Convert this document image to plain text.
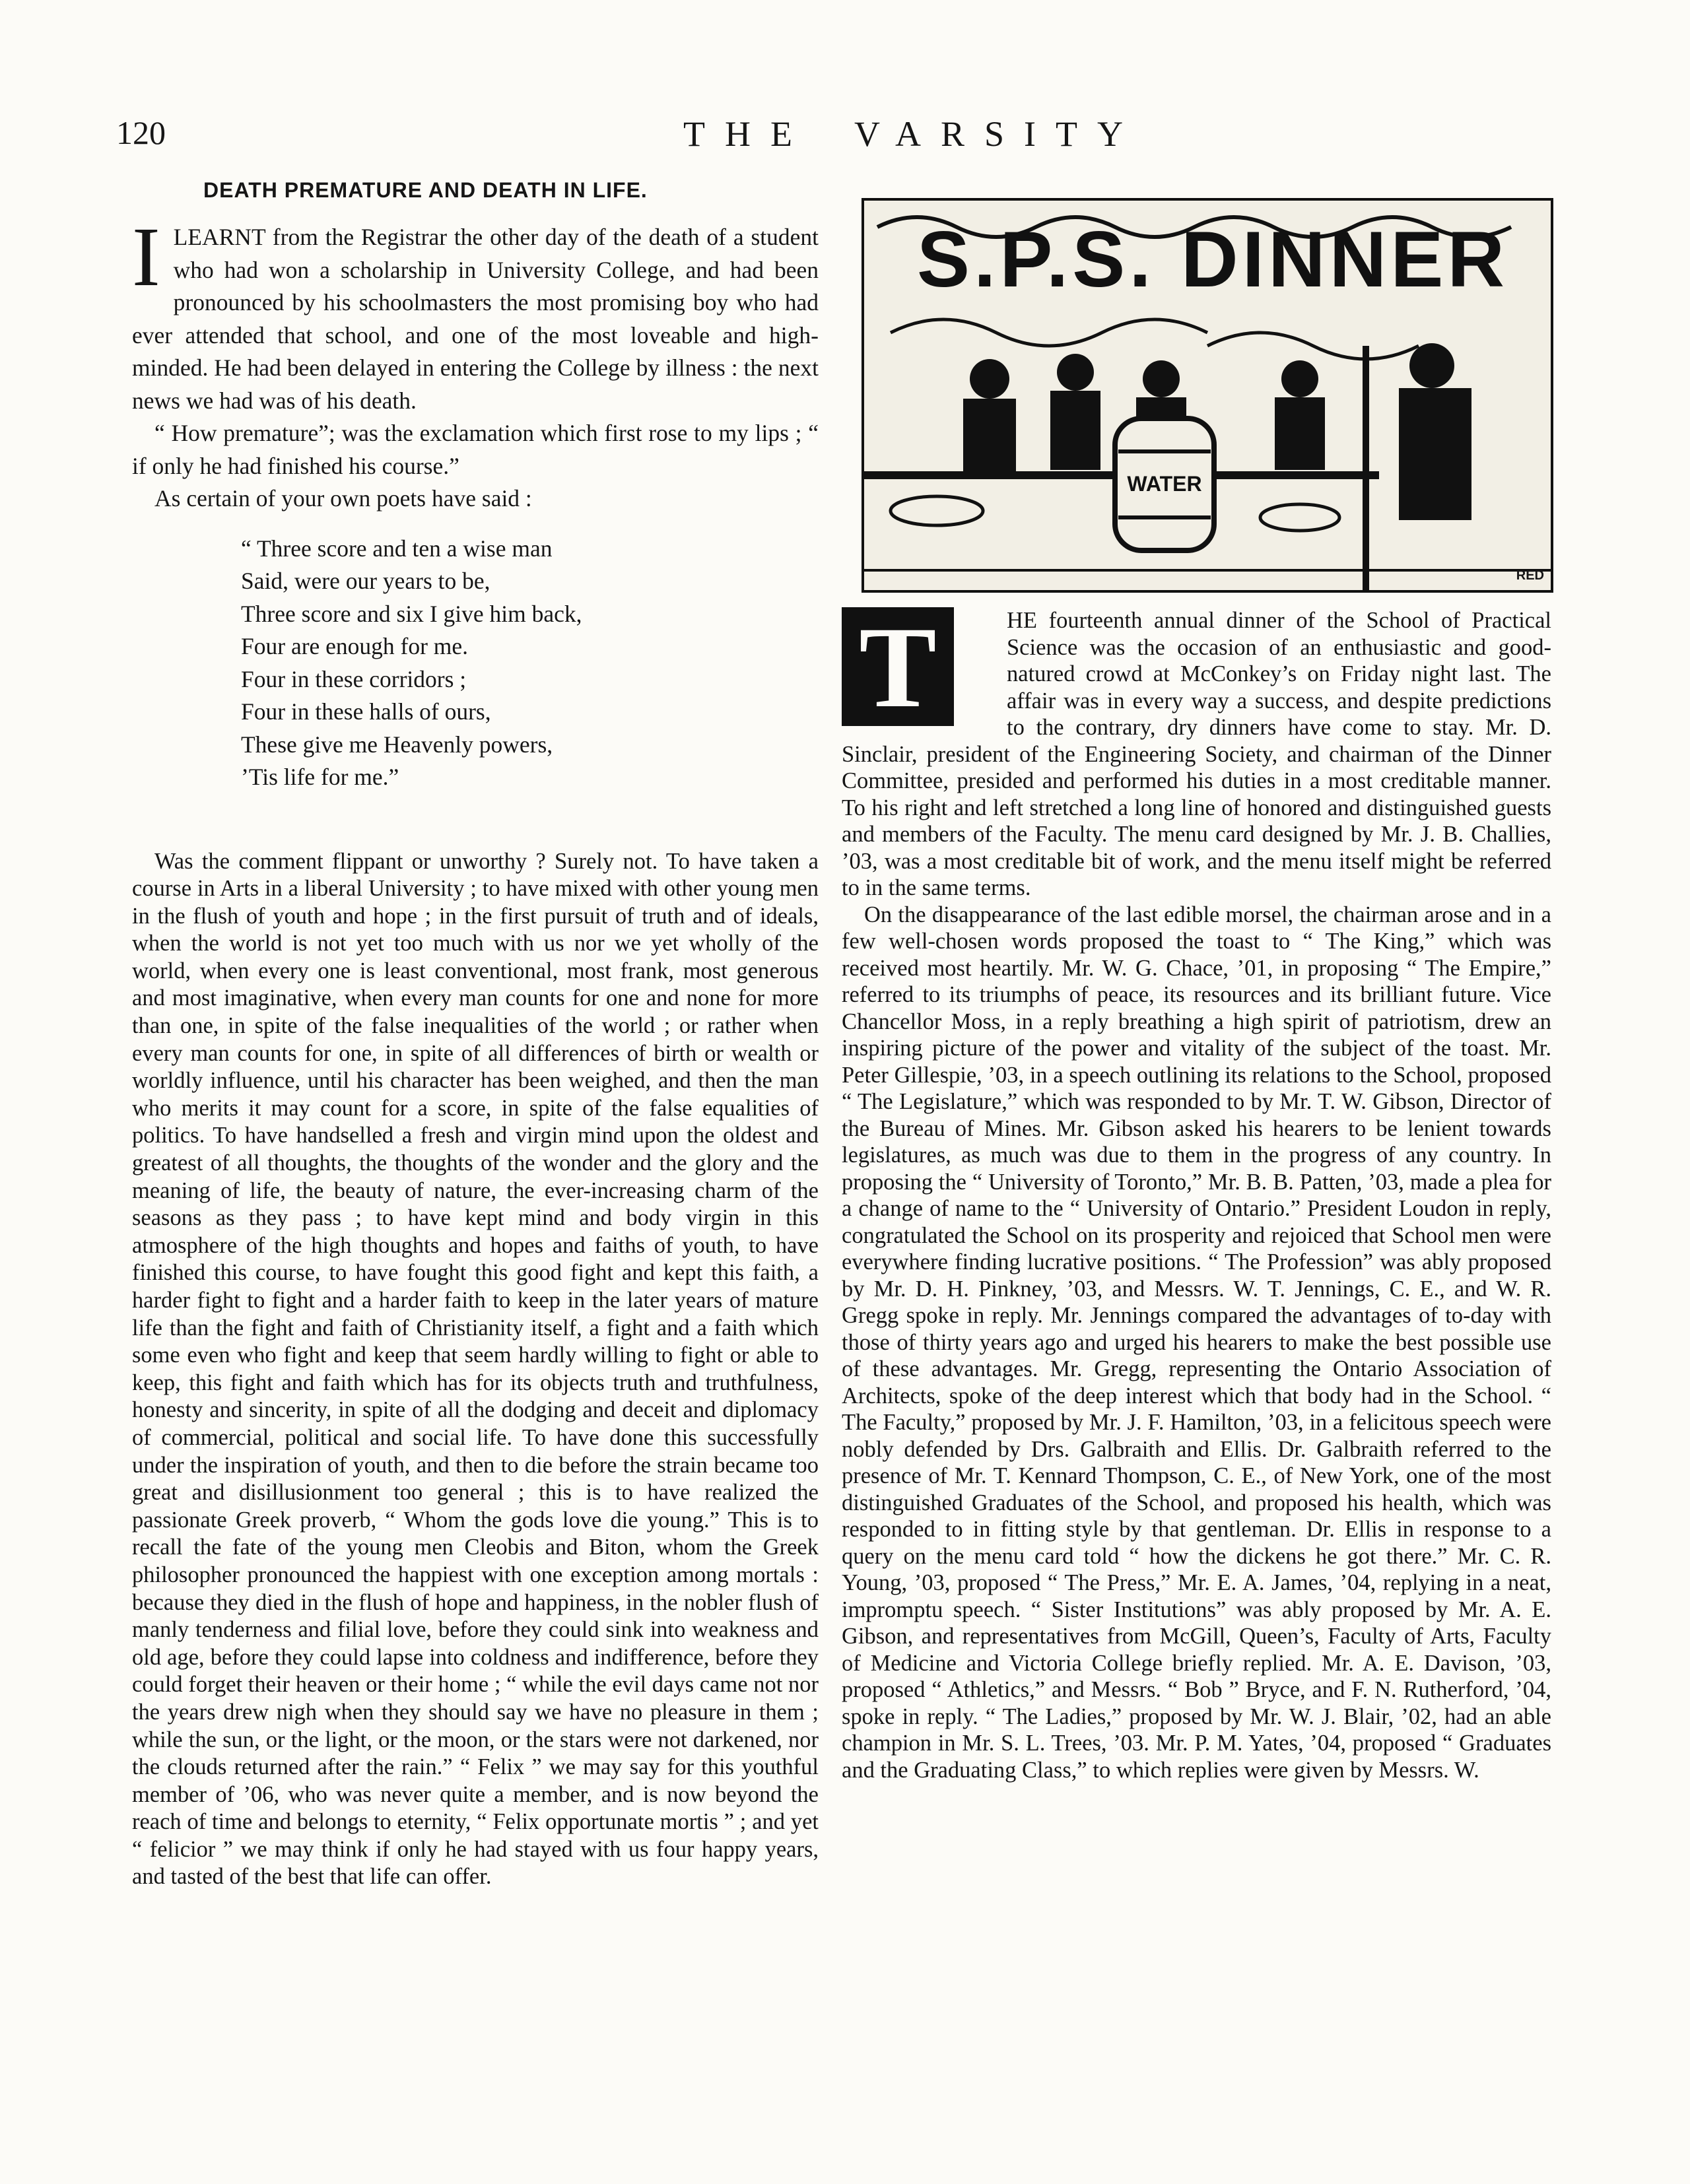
120	THE VARSITY
DEATH PREMATURE AND DEATH IN LIFE.

ILEARNT from the Registrar the other day of the death of a student who had won a scholarship in University College, and had been pronounced by his schoolmasters the most promising boy who had ever attended that school, and one of the most loveable and high-minded. He had been delayed in entering the College by illness : the next news we had was of his death.

“ How premature”; was the exclamation which first rose to my lips ; “ if only he had finished his course.”

As certain of your own poets have said :

“ Three score and ten a wise man
Said, were our years to be,
Three score and six I give him back,
Four are enough for me.
Four in these corridors ;
Four in these halls of ours,
These give me Heavenly powers,
’Tis life for me.”

Was the comment flippant or unworthy ? Surely not. To have taken a course in Arts in a liberal University ; to have mixed with other young men in the flush of youth and hope ; in the first pursuit of truth and of ideals, when the world is not yet too much with us nor we yet wholly of the world, when every one is least conventional, most frank, most generous and most imaginative, when every man counts for one and none for more than one, in spite of the false inequalities of the world ; or rather when every man counts for one, in spite of all differences of birth or wealth or worldly influence, until his character has been weighed, and then the man who merits it may count for a score, in spite of the false equalities of politics. To have handselled a fresh and virgin mind upon the oldest and greatest of all thoughts, the thoughts of the wonder and the glory and the meaning of life, the beauty of nature, the ever-increasing charm of the seasons as they pass ; to have kept mind and body virgin in this atmosphere of the high thoughts and hopes and faiths of youth, to have finished this course, to have fought this good fight and kept this faith, a harder fight to fight and a harder faith to keep in the later years of mature life than the fight and faith of Christianity itself, a fight and a faith which some even who fight and keep that seem hardly willing to fight or able to keep, this fight and faith which has for its objects truth and truthfulness, honesty and sincerity, in spite of all the dodging and deceit and diplomacy of commercial, political and social life. To have done this successfully under the inspiration of youth, and then to die before the strain became too great and disillusionment too general ; this is to have realized the passionate Greek proverb, “ Whom the gods love die young.” This is to recall the fate of the young men Cleobis and Biton, whom the Greek philosopher pronounced the happiest with one exception among mortals : because they died in the flush of hope and happiness, in the nobler flush of manly tenderness and filial love, before they could sink into weakness and old age, before they could lapse into coldness and indifference, before they could forget their heaven or their home ; “ while the evil days came not nor the years drew nigh when they should say we have no pleasure in them ; while the sun, or the light, or the moon, or the stars were not darkened, nor the clouds returned after the rain.” “ Felix ” we may say for this youthful member of ’06, who was never quite a member, and is now beyond the reach of time and belongs to eternity, “ Felix opportunate mortis ” ; and yet “ felicior ” we may think if only he had stayed with us four happy years, and tasted of the best that life can offer.

WATER
S.P.S. DINNER
RED

T	HE fourteenth annual dinner of the School of Practical Science was the occasion of an enthusiastic and good-natured crowd at McConkey’s on Friday night last. The affair was in every way a success, and despite predictions to the contrary, dry dinners have come to stay. Mr. D. Sinclair, president of the Engineering Society, and chairman of the Dinner Committee, presided and performed his duties in a most creditable manner. To his right and left stretched a long line of honored and distinguished guests and members of the Faculty. The menu card designed by Mr. J. B. Challies, ’03, was a most creditable bit of work, and the menu itself might be referred to in the same terms.

On the disappearance of the last edible morsel, the chairman arose and in a few well-chosen words proposed the toast to “ The King,” which was received most heartily. Mr. W. G. Chace, ’01, in proposing “ The Empire,” referred to its triumphs of peace, its resources and its brilliant future. Vice Chancellor Moss, in a reply breathing a high spirit of patriotism, drew an inspiring picture of the power and vitality of the subject of the toast. Mr. Peter Gillespie, ’03, in a speech outlining its relations to the School, proposed “ The Legislature,” which was responded to by Mr. T. W. Gibson, Director of the Bureau of Mines. Mr. Gibson asked his hearers to be lenient towards legislatures, as much was due to them in the progress of any country. In proposing the “ University of Toronto,” Mr. B. B. Patten, ’03, made a plea for a change of name to the “ University of Ontario.” President Loudon in reply, congratulated the School on its prosperity and rejoiced that School men were everywhere finding lucrative positions. “ The Profession” was ably proposed by Mr. D. H. Pinkney, ’03, and Messrs. W. T. Jennings, C. E., and W. R. Gregg spoke in reply. Mr. Jennings compared the advantages of to-day with those of thirty years ago and urged his hearers to make the best possible use of these advantages. Mr. Gregg, representing the Ontario Association of Architects, spoke of the deep interest which that body had in the School. “ The Faculty,” proposed by Mr. J. F. Hamilton, ’03, in a felicitous speech were nobly defended by Drs. Galbraith and Ellis. Dr. Galbraith referred to the presence of Mr. T. Kennard Thompson, C. E., of New York, one of the most distinguished Graduates of the School, and proposed his health, which was responded to in fitting style by that gentleman. Dr. Ellis in response to a query on the menu card told “ how the dickens he got there.” Mr. C. R. Young, ’03, proposed “ The Press,” Mr. E. A. James, ’04, replying in a neat, impromptu speech. “ Sister Institutions” was ably proposed by Mr. A. E. Gibson, and representatives from McGill, Queen’s, Faculty of Arts, Faculty of Medicine and Victoria College briefly replied. Mr. A. E. Davison, ’03, proposed “ Athletics,” and Messrs. “ Bob ” Bryce, and F. N. Rutherford, ’04, spoke in reply. “ The Ladies,” proposed by Mr. W. J. Blair, ’02, had an able champion in Mr. S. L. Trees, ’03. Mr. P. M. Yates, ’04, proposed “ Graduates and the Graduating Class,” to which replies were given by Messrs. W.
